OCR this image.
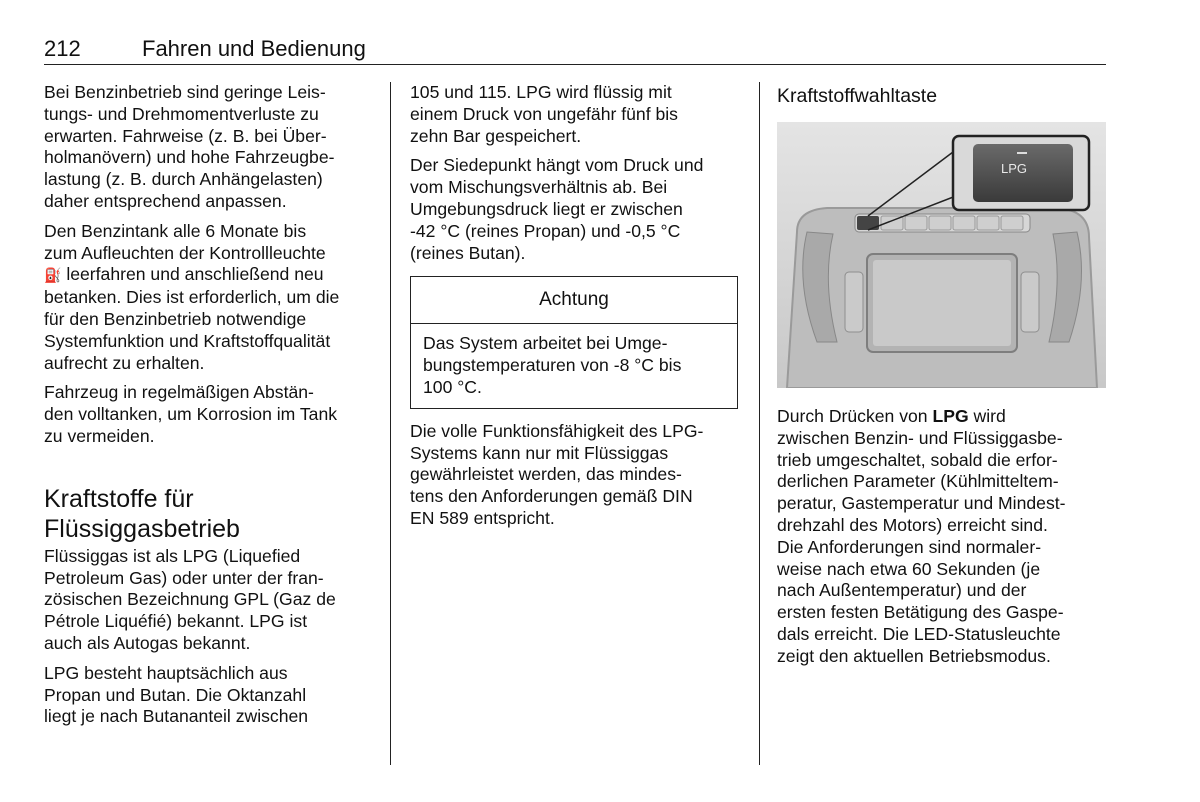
212	Fahren und Bedienung

Bei Benzinbetrieb sind geringe Leis‐
tungs- und Drehmomentverluste zu
erwarten. Fahrweise (z. B. bei Über‐
holmanövern) und hohe Fahrzeugbe‐
lastung (z. B. durch Anhängelasten)
daher entsprechend anpassen.

Den Benzintank alle 6 Monate bis
zum Aufleuchten der Kontrollleuchte
⛽ leerfahren und anschließend neu
betanken. Dies ist erforderlich, um die
für den Benzinbetrieb notwendige
Systemfunktion und Kraftstoffqualität
aufrecht zu erhalten.

Fahrzeug in regelmäßigen Abstän‐
den volltanken, um Korrosion im Tank
zu vermeiden.

Kraftstoffe für
Flüssiggasbetrieb

Flüssiggas ist als LPG (Liquefied
Petroleum Gas) oder unter der fran‐
zösischen Bezeichnung GPL (Gaz de
Pétrole Liquéfié) bekannt. LPG ist
auch als Autogas bekannt.

LPG besteht hauptsächlich aus
Propan und Butan. Die Oktanzahl
liegt je nach Butananteil zwischen

105 und 115. LPG wird flüssig mit
einem Druck von ungefähr fünf bis
zehn Bar gespeichert.

Der Siedepunkt hängt vom Druck und
vom Mischungsverhältnis ab. Bei
Umgebungsdruck liegt er zwischen
-42 °C (reines Propan) und -0,5 °C
(reines Butan).

Achtung
Das System arbeitet bei Umge‐
bungstemperaturen von -8 °C bis
100 °C.

Die volle Funktionsfähigkeit des LPG-
Systems kann nur mit Flüssiggas
gewährleistet werden, das mindes‐
tens den Anforderungen gemäß DIN
EN 589 entspricht.

Kraftstoffwahltaste
LPG

Durch Drücken von LPG wird
zwischen Benzin- und Flüssiggasbe‐
trieb umgeschaltet, sobald die erfor‐
derlichen Parameter (Kühlmitteltem‐
peratur, Gastemperatur und Mindest‐
drehzahl des Motors) erreicht sind.
Die Anforderungen sind normaler‐
weise nach etwa 60 Sekunden (je
nach Außentemperatur) und der
ersten festen Betätigung des Gaspe‐
dals erreicht. Die LED-Statusleuchte
zeigt den aktuellen Betriebsmodus.
